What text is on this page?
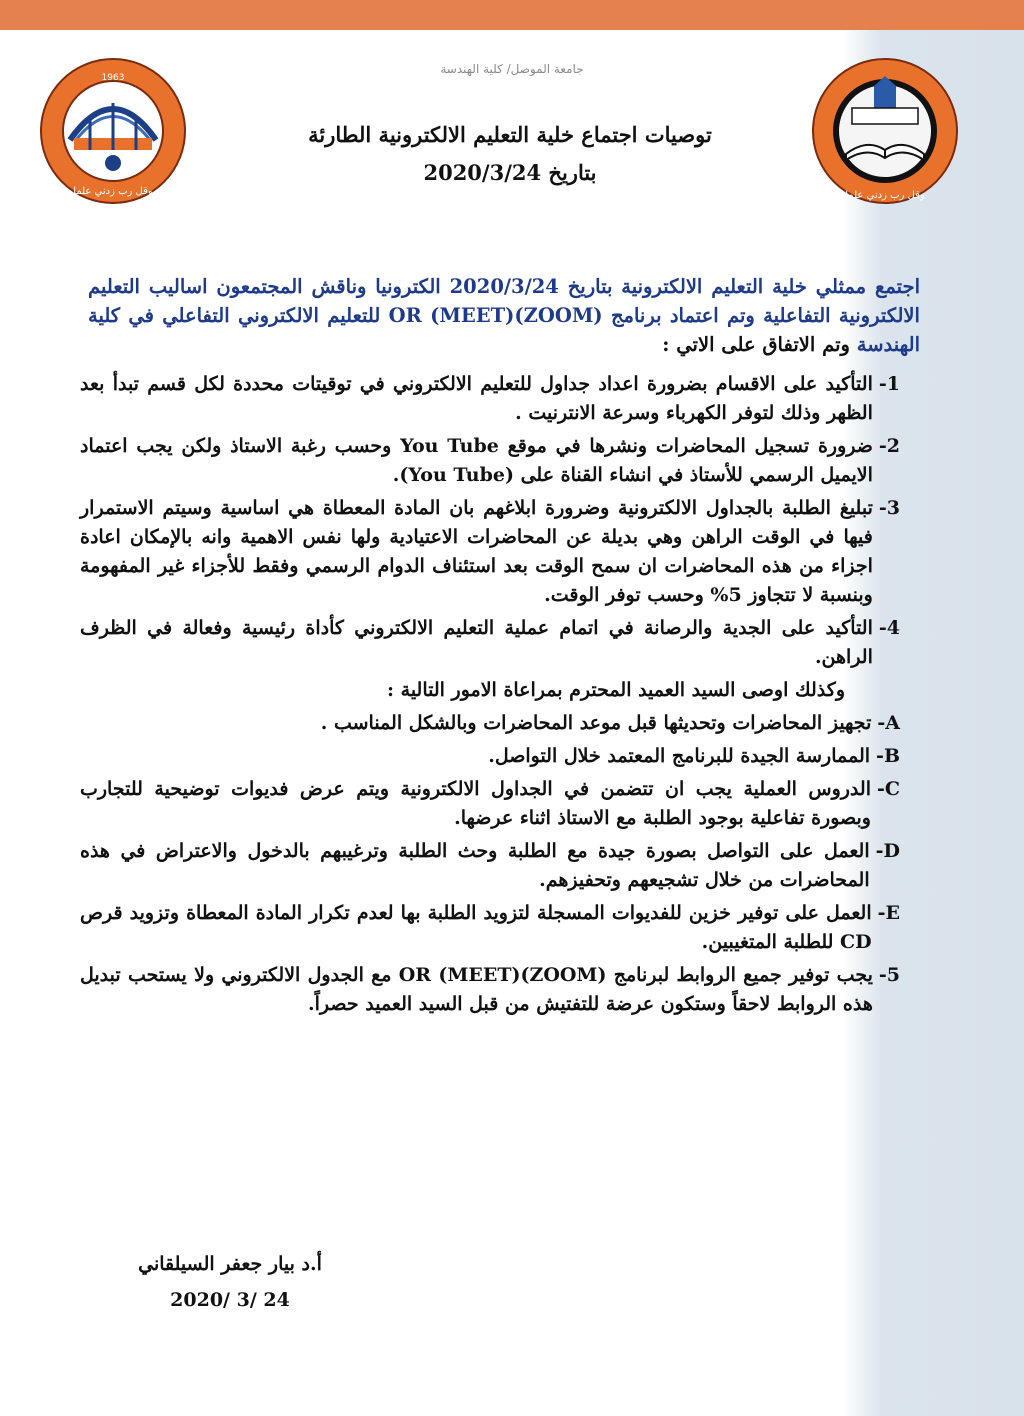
جامعة الموصل/ كلية الهندسة
1963
وقل رب زدني علما	وقل رب زدني علما
توصيات اجتماع خلية التعليم الالكترونية الطارئة
بتاريخ 2020/3/24
اجتمع ممثلي خلية التعليم الالكترونية بتاريخ 2020/3/24 الكترونيا وناقش المجتمعون اساليب التعليم الالكترونية التفاعلية وتم اعتماد برنامج (ZOOM)OR (MEET) للتعليم الالكتروني التفاعلي في كلية الهندسة وتم الاتفاق على الاتي :
1-
التأكيد على الاقسام بضرورة اعداد جداول للتعليم الالكتروني في توقيتات محددة لكل قسم تبدأ بعد الظهر وذلك لتوفر الكهرباء وسرعة الانترنيت .
2-
ضرورة تسجيل المحاضرات ونشرها في موقع You Tube وحسب رغبة الاستاذ ولكن يجب اعتماد الايميل الرسمي للأستاذ في انشاء القناة على (You Tube).
3-
تبليغ الطلبة بالجداول الالكترونية وضرورة ابلاغهم بان المادة المعطاة هي اساسية وسيتم الاستمرار فيها في الوقت الراهن وهي بديلة عن المحاضرات الاعتيادية ولها نفس الاهمية وانه بالإمكان اعادة اجزاء من هذه المحاضرات ان سمح الوقت بعد استئناف الدوام الرسمي وفقط للأجزاء غير المفهومة وبنسبة لا تتجاوز 5% وحسب توفر الوقت.
4-
التأكيد على الجدية والرصانة في اتمام عملية التعليم الالكتروني كأداة رئيسية وفعالة في الظرف الراهن.
وكذلك اوصى السيد العميد المحترم بمراعاة الامور التالية :
A-
تجهيز المحاضرات وتحديثها قبل موعد المحاضرات وبالشكل المناسب .
B-
الممارسة الجيدة للبرنامج المعتمد خلال التواصل.
C-
الدروس العملية يجب ان تتضمن في الجداول الالكترونية ويتم عرض فديوات توضيحية للتجارب وبصورة تفاعلية بوجود الطلبة مع الاستاذ اثناء عرضها.
D-
العمل على التواصل بصورة جيدة مع الطلبة وحث الطلبة وترغيبهم بالدخول والاعتراض في هذه المحاضرات من خلال تشجيعهم وتحفيزهم.
E-
العمل على توفير خزين للفديوات المسجلة لتزويد الطلبة بها لعدم تكرار المادة المعطاة وتزويد قرص CD للطلبة المتغيبين.
5-
يجب توفير جميع الروابط لبرنامج (ZOOM)OR (MEET) مع الجدول الالكتروني ولا يستحب تبديل هذه الروابط لاحقاً وستكون عرضة للتفتيش من قبل السيد العميد حصراً.
أ.د بيار جعفر السيلقاني
2020/ 3/ 24
